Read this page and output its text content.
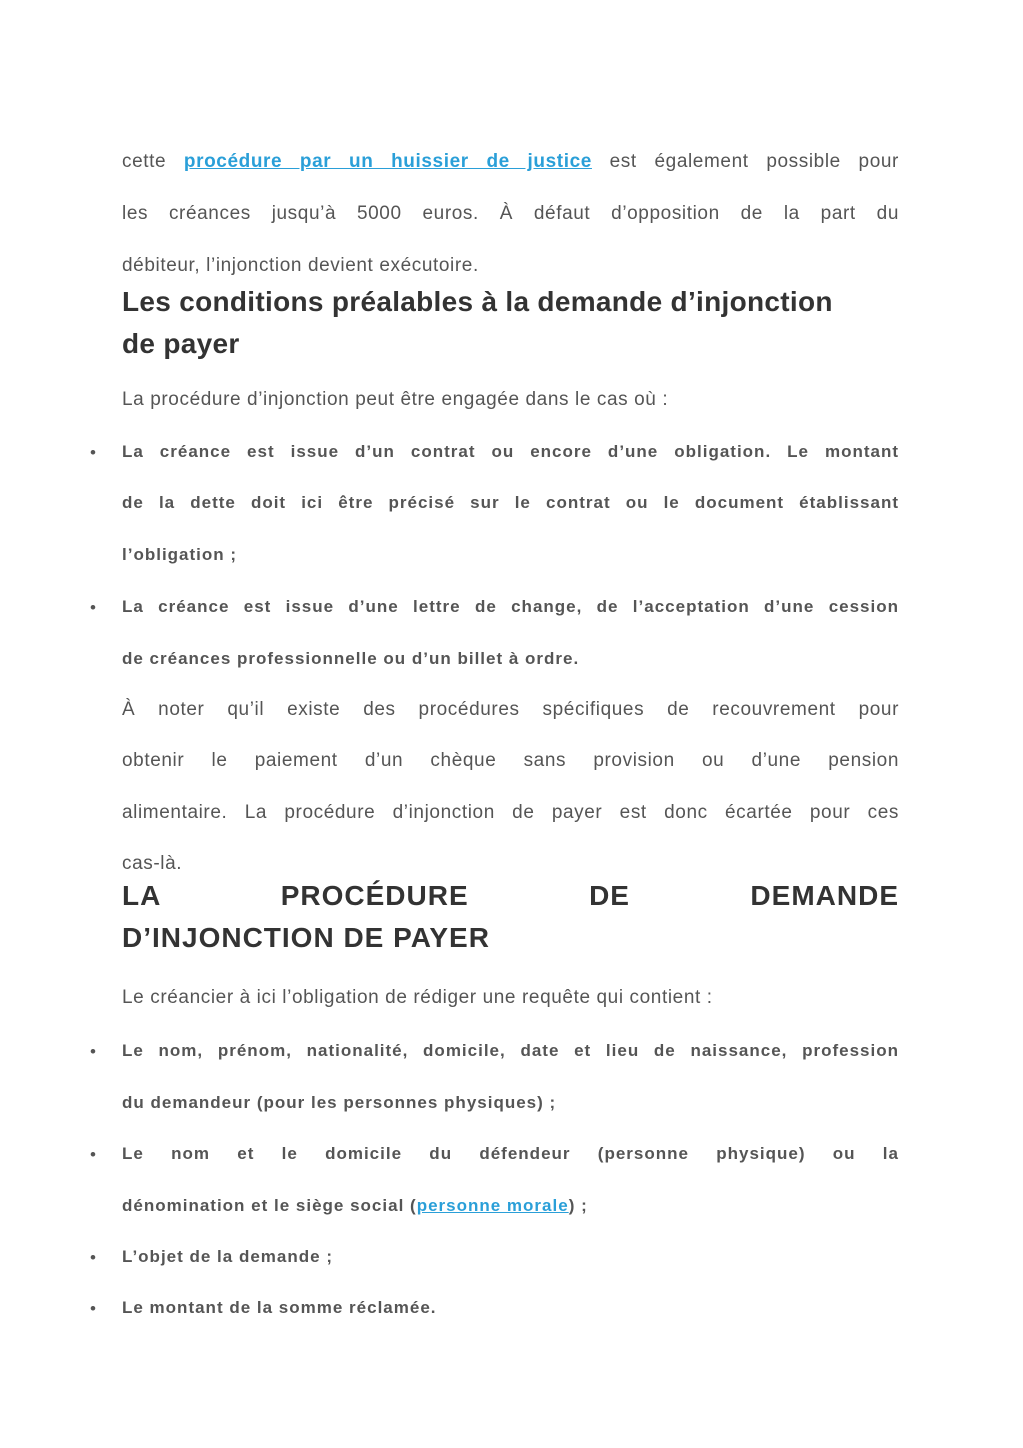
cette procédure par un huissier de justice est également possible pour
les créances jusqu’à 5000 euros. À défaut d’opposition de la part du
débiteur, l’injonction devient exécutoire.
Les conditions préalables à la demande d’injonction
de payer
La procédure d’injonction peut être engagée dans le cas où :
• La créance est issue d’un contrat ou encore d’une obligation. Le montant
de la dette doit ici être précisé sur le contrat ou le document établissant
l’obligation ;
• La créance est issue d’une lettre de change, de l’acceptation d’une cession
de créances professionnelle ou d’un billet à ordre.
À noter qu’il existe des procédures spécifiques de recouvrement pour
obtenir le paiement d’un chèque sans provision ou d’une pension
alimentaire. La procédure d’injonction de payer est donc écartée pour ces
cas-là.
LA PROCÉDURE DE DEMANDE
D’INJONCTION DE PAYER
Le créancier à ici l’obligation de rédiger une requête qui contient :
• Le nom, prénom, nationalité, domicile, date et lieu de naissance, profession
du demandeur (pour les personnes physiques) ;
• Le nom et le domicile du défendeur (personne physique) ou la
dénomination et le siège social (personne morale) ;
• L’objet de la demande ;
• Le montant de la somme réclamée.
